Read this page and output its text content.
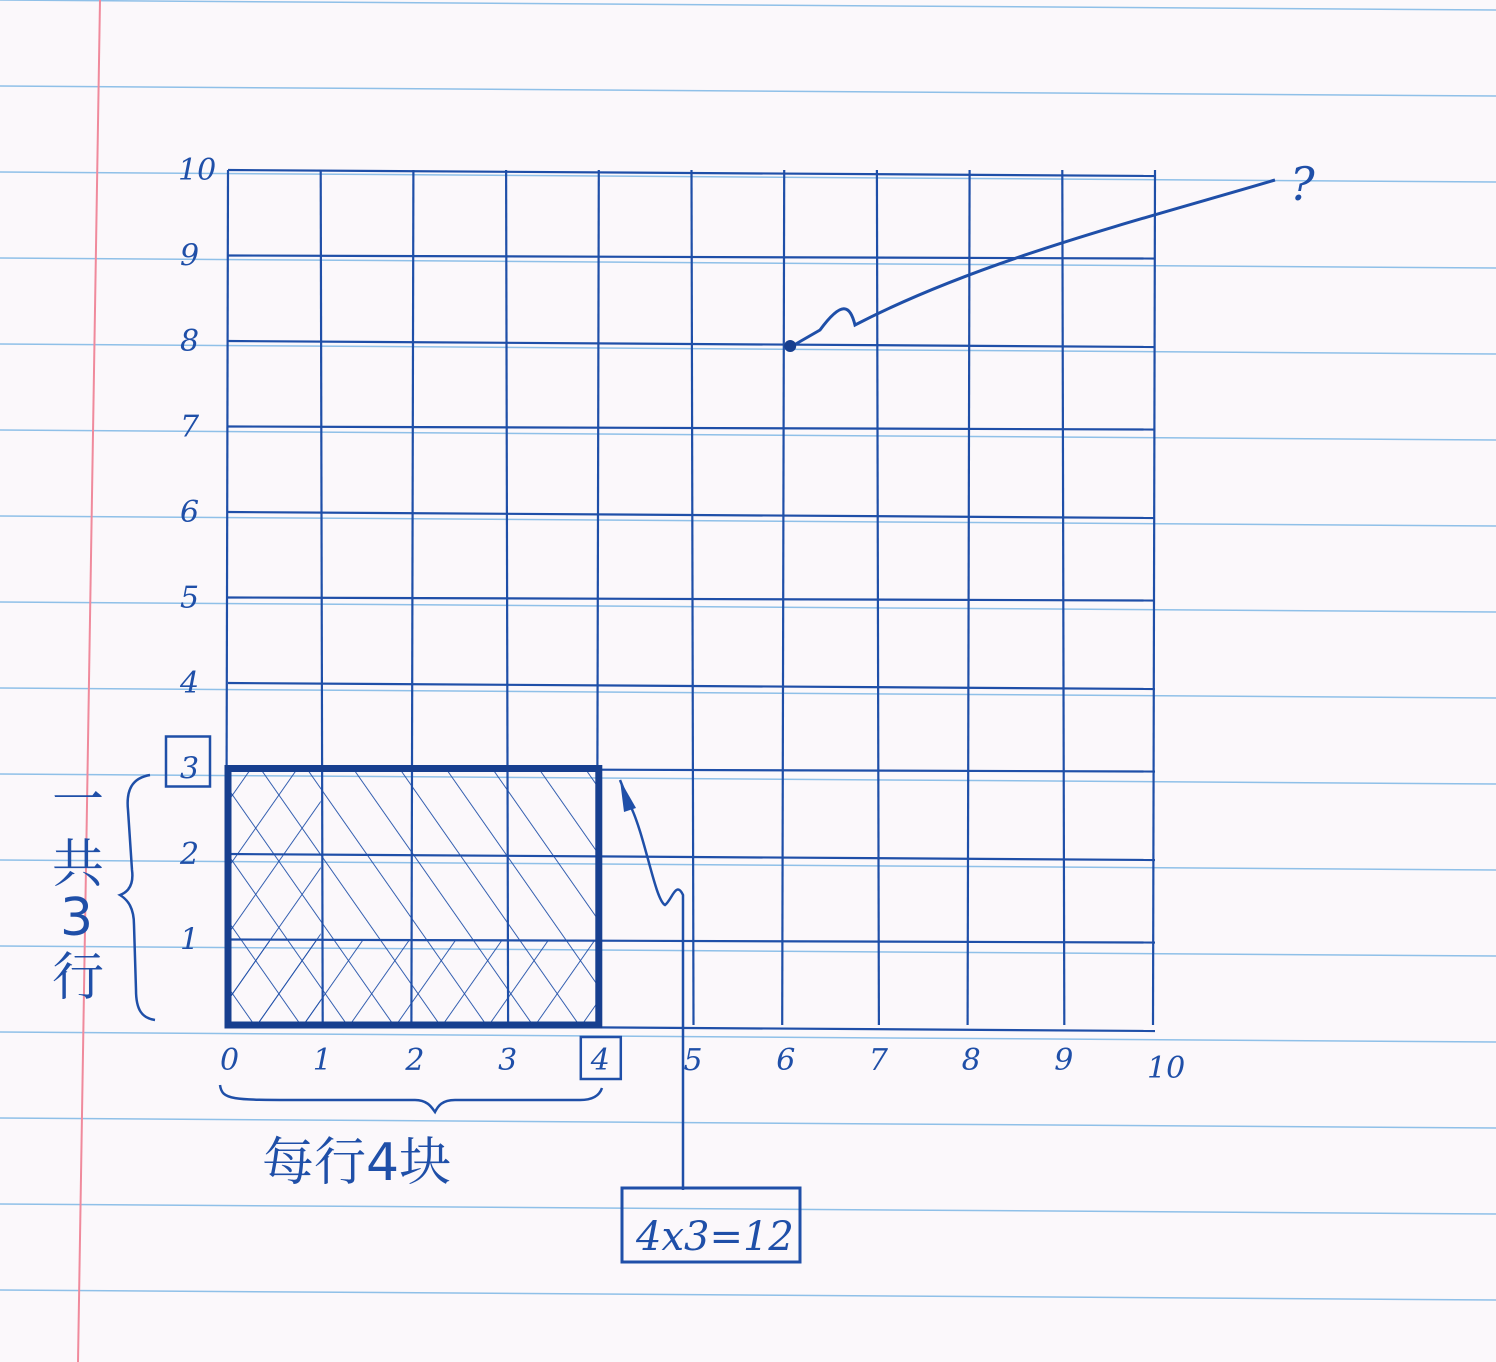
0 1 2 3 4 5 6 7 8 9 10
1
2
3
4
5
6
7
8
9
10	?
4x3=12
每行4块
一
共
3
行
